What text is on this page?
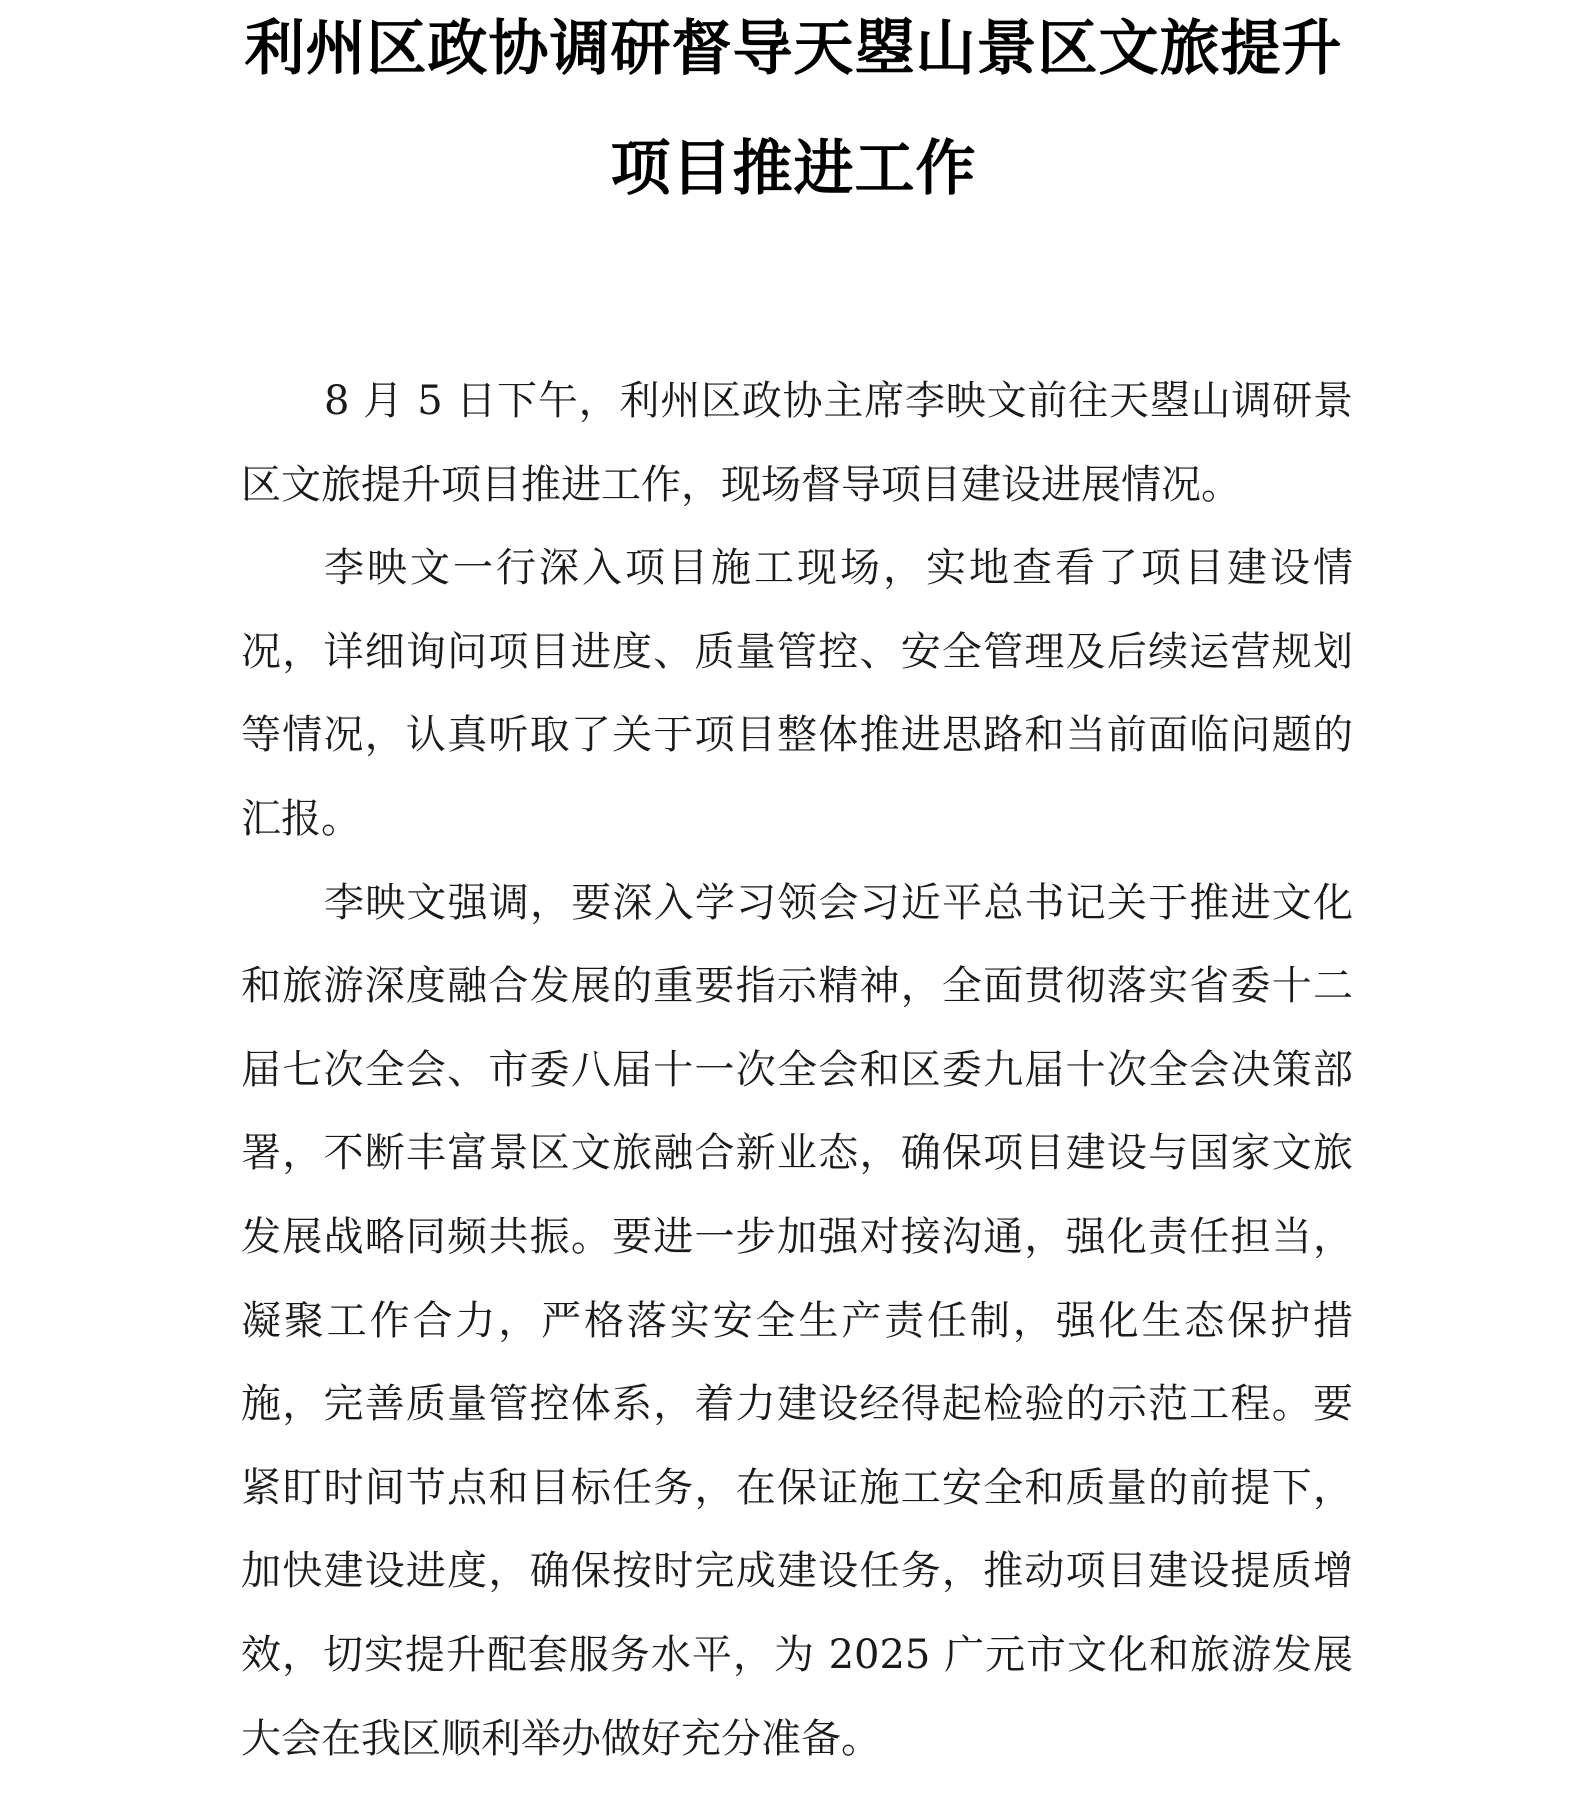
利州区政协调研督导天曌山景区文旅提升
项目推进工作

8 月 5 日下午，利州区政协主席李映文前往天曌山调研景区文旅提升项目推进工作，现场督导项目建设进展情况。

李映文一行深入项目施工现场，实地查看了项目建设情况，详细询问项目进度、质量管控、安全管理及后续运营规划等情况，认真听取了关于项目整体推进思路和当前面临问题的汇报。

李映文强调，要深入学习领会习近平总书记关于推进文化和旅游深度融合发展的重要指示精神，全面贯彻落实省委十二届七次全会、市委八届十一次全会和区委九届十次全会决策部署，不断丰富景区文旅融合新业态，确保项目建设与国家文旅发展战略同频共振。要进一步加强对接沟通，强化责任担当，凝聚工作合力，严格落实安全生产责任制，强化生态保护措施，完善质量管控体系，着力建设经得起检验的示范工程。要紧盯时间节点和目标任务，在保证施工安全和质量的前提下，加快建设进度，确保按时完成建设任务，推动项目建设提质增效，切实提升配套服务水平，为 2025 广元市文化和旅游发展大会在我区顺利举办做好充分准备。
